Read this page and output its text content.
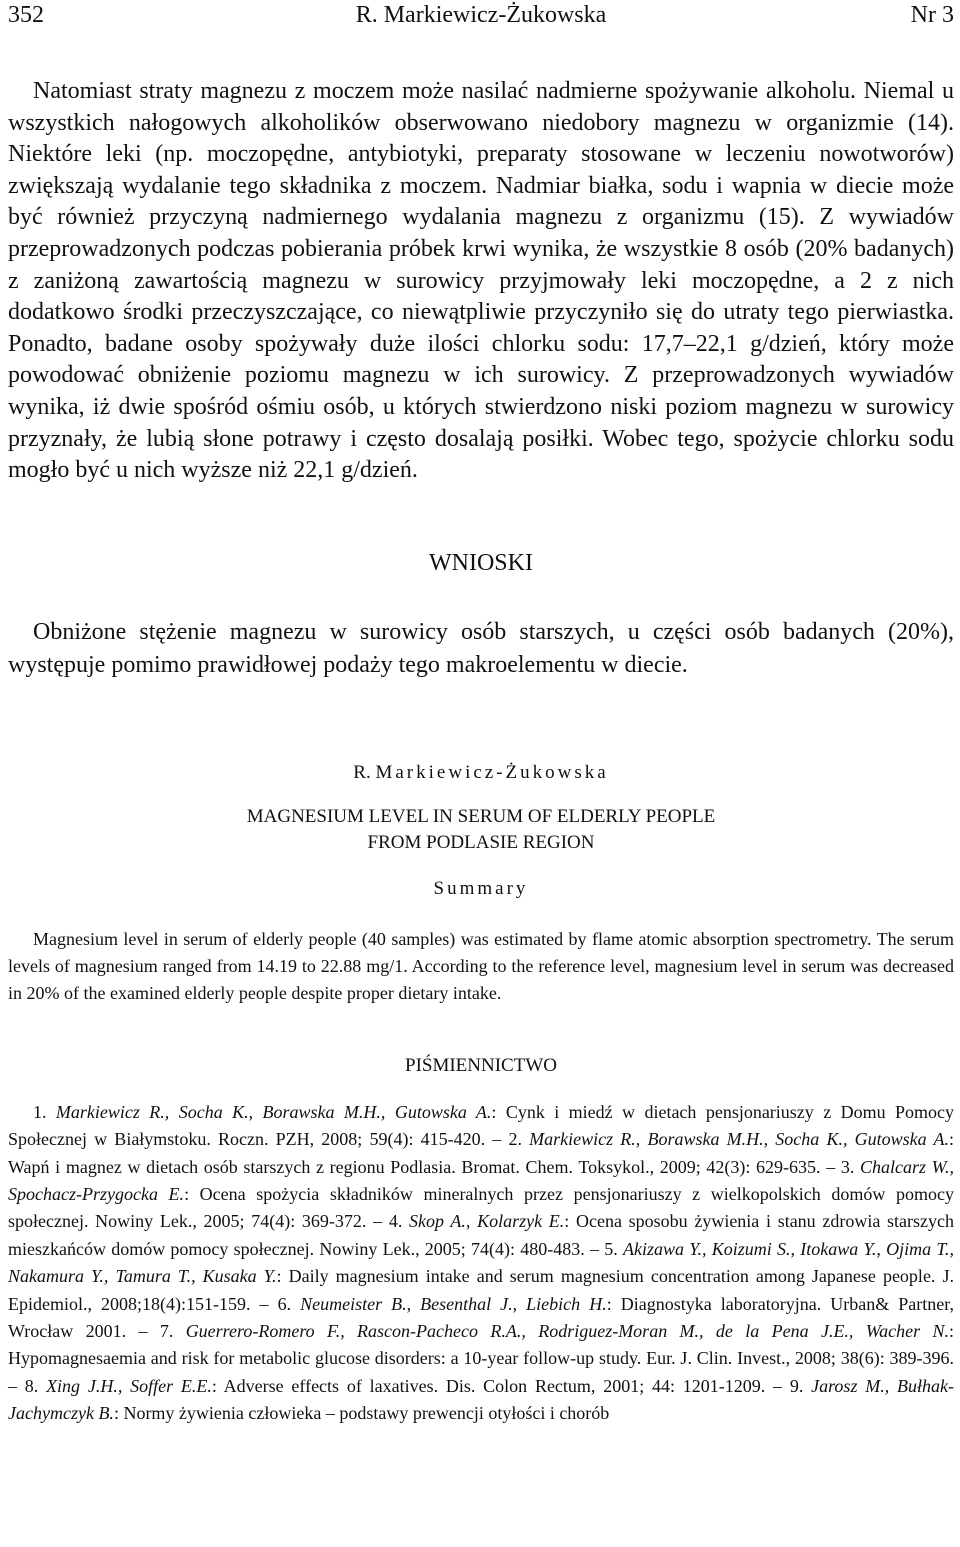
352	R. Markiewicz-Żukowska	Nr 3

Natomiast straty magnezu z moczem może nasilać nadmierne spożywanie alkoholu. Niemal u wszystkich nałogowych alkoholików obserwowano niedobory magnezu w organizmie (14). Niektóre leki (np. moczopędne, antybiotyki, preparaty stosowane w leczeniu nowotworów) zwiększają wydalanie tego składnika z moczem. Nadmiar białka, sodu i wapnia w diecie może być również przyczyną nadmiernego wydalania magnezu z organizmu (15). Z wywiadów przeprowadzonych podczas pobierania próbek krwi wynika, że wszystkie 8 osób (20% badanych) z zaniżoną zawartością magnezu w surowicy przyjmowały leki moczopędne, a 2 z nich dodatkowo środki przeczyszczające, co niewątpliwie przyczyniło się do utraty tego pierwiastka. Ponadto, badane osoby spożywały duże ilości chlorku sodu: 17,7–22,1 g/dzień, który może powodować obniżenie poziomu magnezu w ich surowicy. Z przeprowadzonych wywiadów wynika, iż dwie spośród ośmiu osób, u których stwierdzono niski poziom magnezu w surowicy przyznały, że lubią słone potrawy i często dosalają posiłki. Wobec tego, spożycie chlorku sodu mogło być u nich wyższe niż 22,1 g/dzień.

WNIOSKI

Obniżone stężenie magnezu w surowicy osób starszych, u części osób badanych (20%), występuje pomimo prawidłowej podaży tego makroelementu w diecie.

R. Markiewicz-Żukowska
MAGNESIUM LEVEL IN SERUM OF ELDERLY PEOPLE
FROM PODLASIE REGION
Summary

Magnesium level in serum of elderly people (40 samples) was estimated by flame atomic absorption spectrometry. The serum levels of magnesium ranged from 14.19 to 22.88 mg/1. According to the reference level, magnesium level in serum was decreased in 20% of the examined elderly people despite proper dietary intake.

PIŚMIENNICTWO

1. Markiewicz R., Socha K., Borawska M.H., Gutowska A.: Cynk i miedź w dietach pensjonariuszy z Domu Pomocy Społecznej w Białymstoku. Roczn. PZH, 2008; 59(4): 415-420. – 2. Markiewicz R., Borawska M.H., Socha K., Gutowska A.: Wapń i magnez w dietach osób starszych z regionu Podlasia. Bromat. Chem. Toksykol., 2009; 42(3): 629-635. – 3. Chalcarz W., Spochacz-Przygocka E.: Ocena spożycia składników mineralnych przez pensjonariuszy z wielkopolskich domów pomocy społecznej. Nowiny Lek., 2005; 74(4): 369-372. – 4. Skop A., Kolarzyk E.: Ocena sposobu żywienia i stanu zdrowia starszych mieszkańców domów pomocy społecznej. Nowiny Lek., 2005; 74(4): 480-483. – 5. Akizawa Y., Koizumi S., Itokawa Y., Ojima T., Nakamura Y., Tamura T., Kusaka Y.: Daily magnesium intake and serum magnesium concentration among Japanese people. J. Epidemiol., 2008;18(4):151-159. – 6. Neumeister B., Besenthal J., Liebich H.: Diagnostyka laboratoryjna. Urban& Partner, Wrocław 2001. – 7. Guerrero-Romero F., Rascon-Pacheco R.A., Rodriguez-Moran M., de la Pena J.E., Wacher N.: Hypomagnesaemia and risk for metabolic glucose disorders: a 10-year follow-up study. Eur. J. Clin. Invest., 2008; 38(6): 389-396. – 8. Xing J.H., Soffer E.E.: Adverse effects of laxatives. Dis. Colon Rectum, 2001; 44: 1201-1209. – 9. Jarosz M., Bułhak-Jachymczyk B.: Normy żywienia człowieka – podstawy prewencji otyłości i chorób
